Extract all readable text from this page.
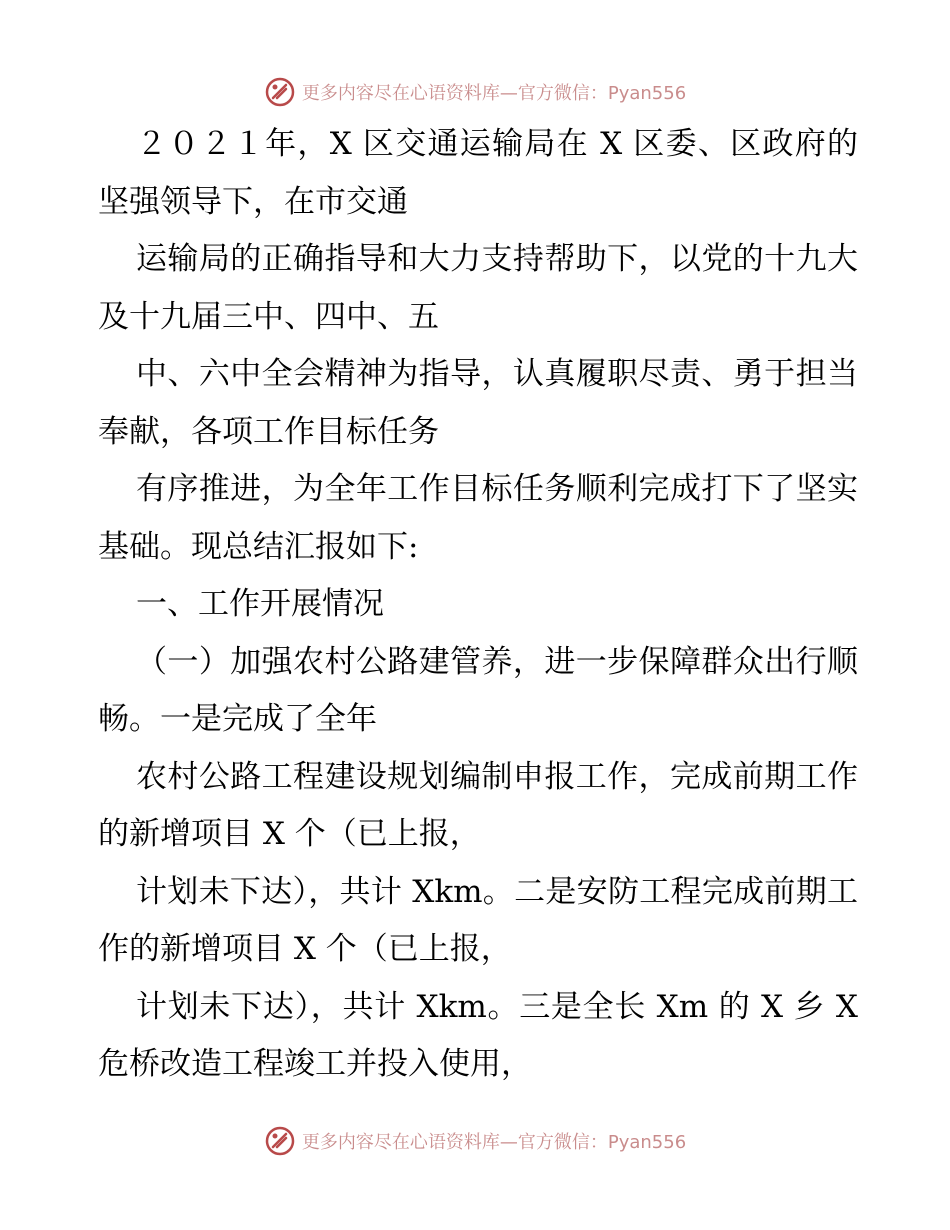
更多内容尽在心语资料库—官方微信：Pyan556

２０２１年，X 区交通运输局在 X 区委、区政府的坚强领导下，在市交通

运输局的正确指导和大力支持帮助下，以党的十九大及十九届三中、四中、五

中、六中全会精神为指导，认真履职尽责、勇于担当奉献，各项工作目标任务

有序推进，为全年工作目标任务顺利完成打下了坚实基础。现总结汇报如下:

一、工作开展情况

（一）加强农村公路建管养，进一步保障群众出行顺畅。一是完成了全年

农村公路工程建设规划编制申报工作，完成前期工作的新增项目 X 个（已上报，

计划未下达），共计 Xkm。二是安防工程完成前期工作的新增项目 X 个（已上报，

计划未下达），共计 Xkm。三是全长 Xm 的 X 乡 X 危桥改造工程竣工并投入使用，

更多内容尽在心语资料库—官方微信：Pyan556
